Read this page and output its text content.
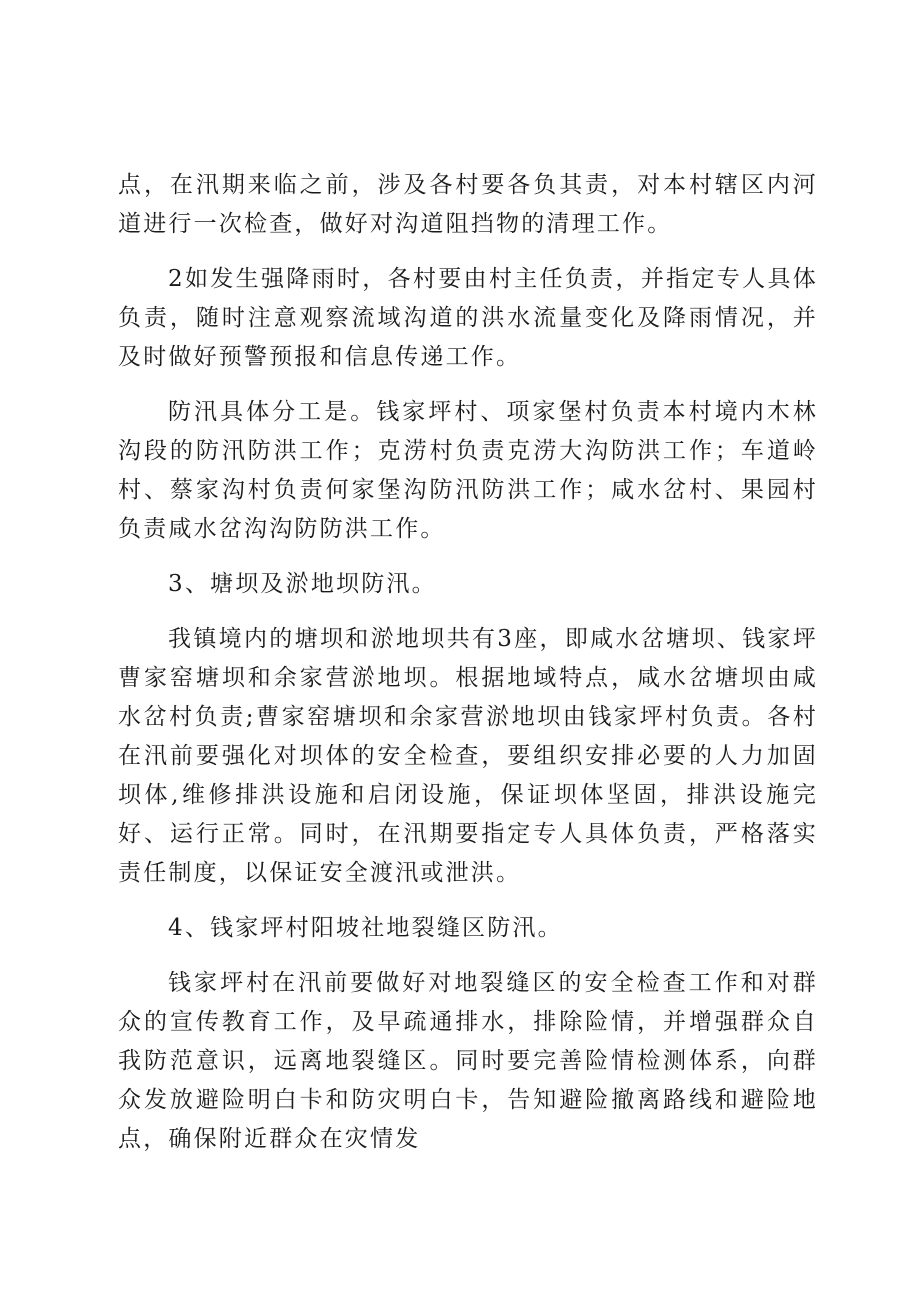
点，在汛期来临之前，涉及各村要各负其责，对本村辖区内河道进行一次检查，做好对沟道阻挡物的清理工作。

2如发生强降雨时，各村要由村主任负责，并指定专人具体负责，随时注意观察流域沟道的洪水流量变化及降雨情况，并及时做好预警预报和信息传递工作。

防汛具体分工是。钱家坪村、项家堡村负责本村境内木林沟段的防汛防洪工作；克涝村负责克涝大沟防洪工作；车道岭村、蔡家沟村负责何家堡沟防汛防洪工作；咸水岔村、果园村负责咸水岔沟沟防防洪工作。

3、塘坝及淤地坝防汛。

我镇境内的塘坝和淤地坝共有3座，即咸水岔塘坝、钱家坪曹家窑塘坝和余家营淤地坝。根据地域特点，咸水岔塘坝由咸水岔村负责;曹家窑塘坝和余家营淤地坝由钱家坪村负责。各村在汛前要强化对坝体的安全检查，要组织安排必要的人力加固坝体,维修排洪设施和启闭设施，保证坝体坚固，排洪设施完好、运行正常。同时，在汛期要指定专人具体负责，严格落实责任制度，以保证安全渡汛或泄洪。

4、钱家坪村阳坡社地裂缝区防汛。

钱家坪村在汛前要做好对地裂缝区的安全检查工作和对群众的宣传教育工作，及早疏通排水，排除险情，并增强群众自我防范意识，远离地裂缝区。同时要完善险情检测体系，向群众发放避险明白卡和防灾明白卡，告知避险撤离路线和避险地点，确保附近群众在灾情发
